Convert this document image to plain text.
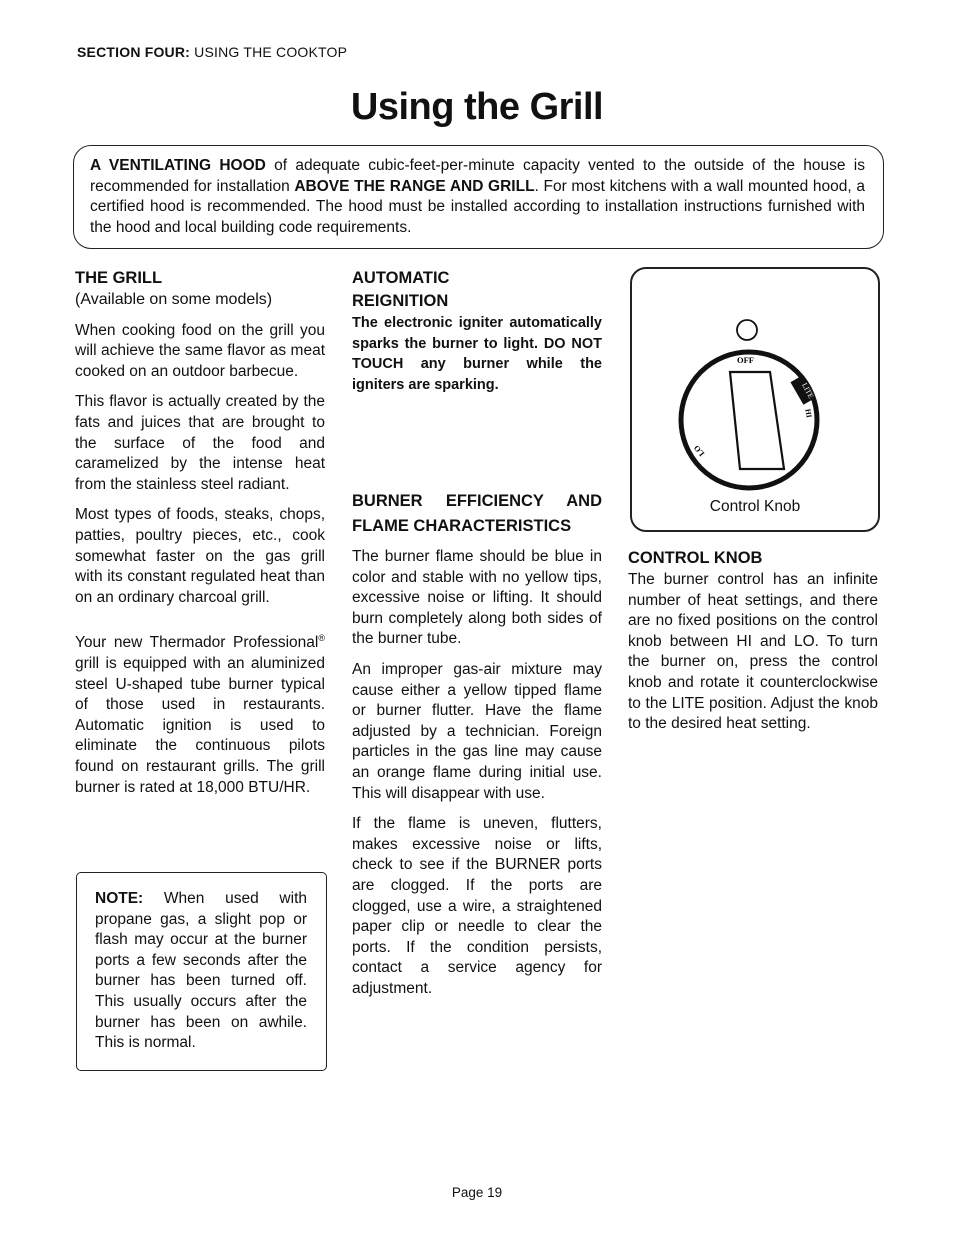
SECTION FOUR: USING THE COOKTOP
Using the Grill
A VENTILATING HOOD of adequate cubic-feet-per-minute capacity vented to the outside of the house is recommended for installation ABOVE THE RANGE AND GRILL. For most kitchens with a wall mounted hood, a certified hood is recommended. The hood must be installed according to installation instructions furnished with the hood and local building code requirements.
THE GRILL
(Available on some models)

When cooking food on the grill you will achieve the same flavor as meat cooked on an outdoor barbecue.

This flavor is actually created by the fats and juices that are brought to the surface of the food and caramelized by the intense heat from the stainless steel radiant.

Most types of foods, steaks, chops, patties, poultry pieces, etc., cook somewhat faster on the gas grill with its constant regulated heat than on an ordinary charcoal grill.

Your new Thermador Professional® grill is equipped with an aluminized steel U-shaped tube burner typical of those used in restaurants. Automatic ignition is used to eliminate the continuous pilots found on restaurant grills. The grill burner is rated at 18,000 BTU/HR.

NOTE: When used with propane gas, a slight pop or flash may occur at the burner ports a few seconds after the burner has been turned off. This usually occurs after the burner has been on awhile. This is normal.

AUTOMATIC REIGNITION
The electronic igniter automatically sparks the burner to light. DO NOT TOUCH any burner while the igniters are sparking.
BURNER EFFICIENCY AND FLAME CHARACTERISTICS

The burner flame should be blue in color and stable with no yellow tips, excessive noise or lifting. It should burn completely along both sides of the burner tube.

An improper gas-air mixture may cause either a yellow tipped flame or burner flutter. Have the flame adjusted by a technician. Foreign particles in the gas line may cause an orange flame during initial use. This will disappear with use.

If the flame is uneven, flutters, makes excessive noise or lifts, check to see if the BURNER ports are clogged. If the ports are clogged, use a wire, a straightened paper clip or needle to clear the ports. If the condition persists, contact a service agency for adjustment.

OFF
LITE
HI
LO
Control Knob
CONTROL KNOB

The burner control has an infinite number of heat settings, and there are no fixed positions on the control knob between HI and LO. To turn the burner on, press the control knob and rotate it counterclockwise to the LITE position. Adjust the knob to the desired heat setting.

Page 19
